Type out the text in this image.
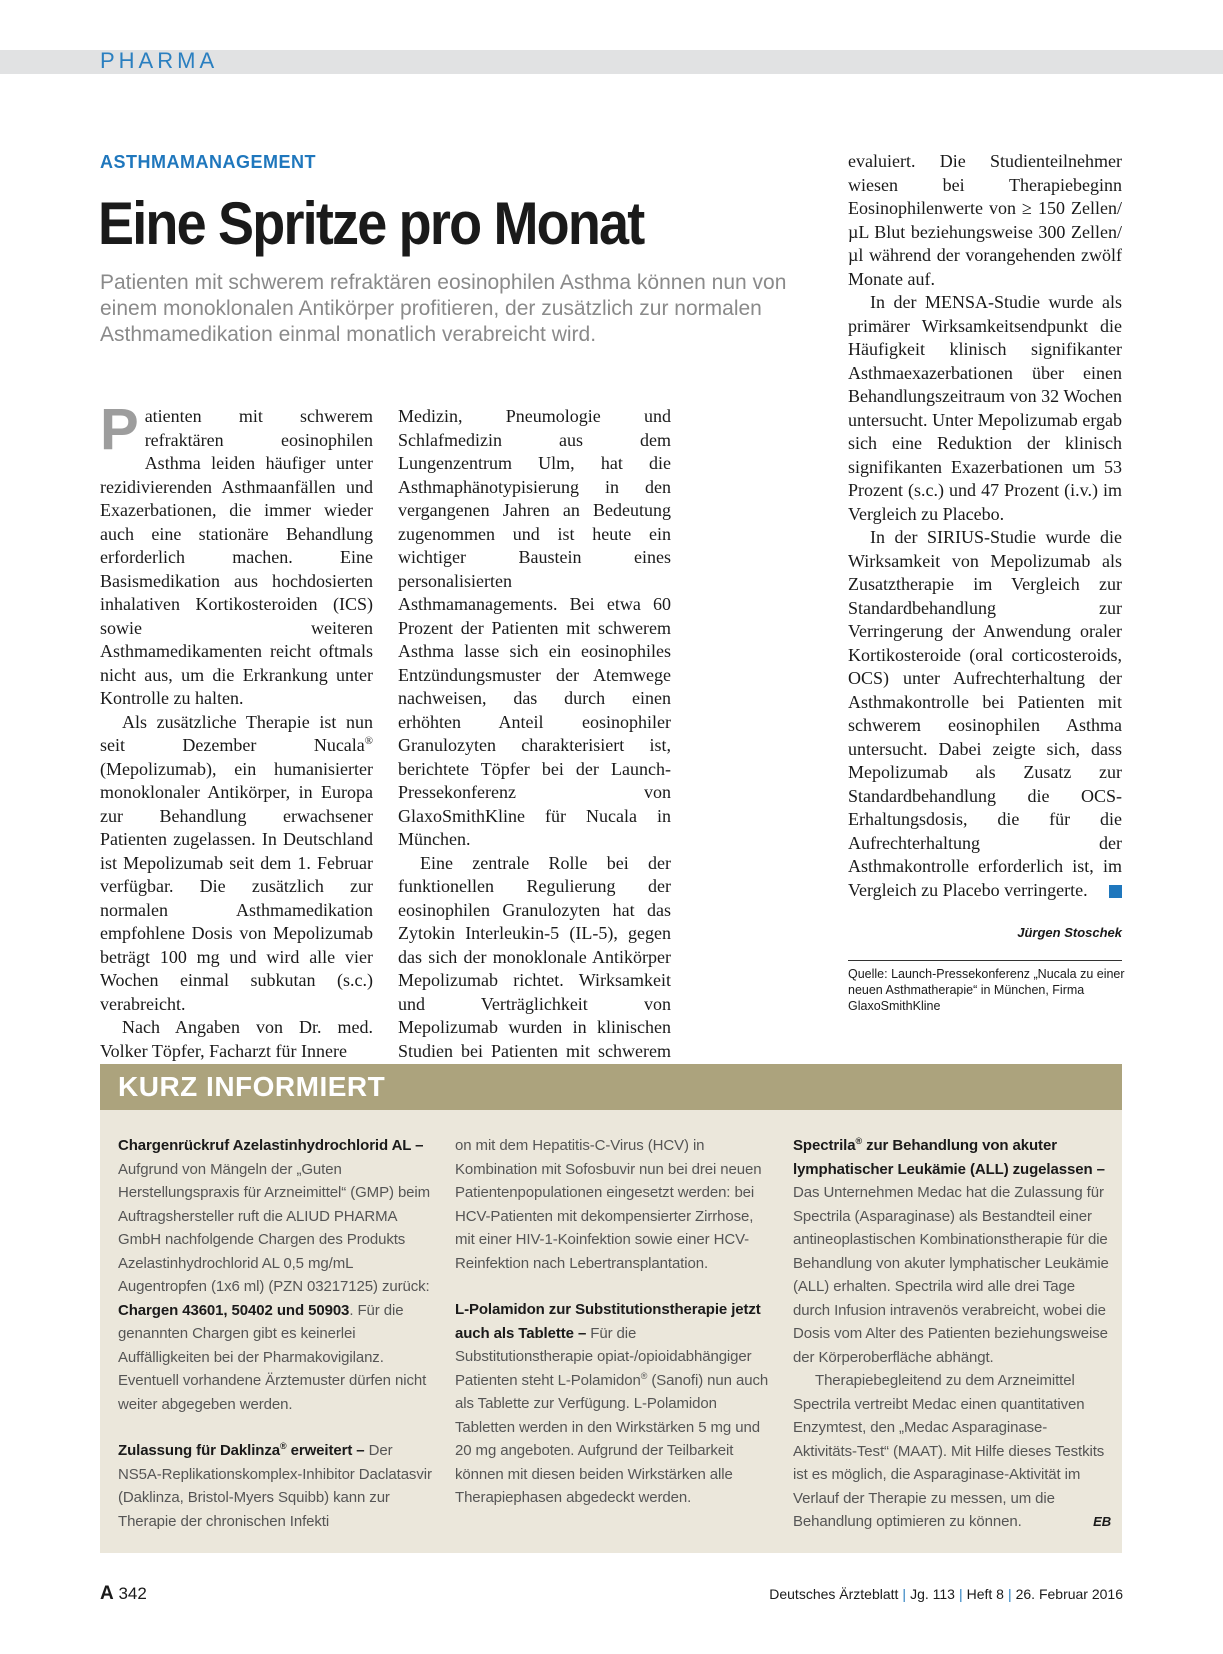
PHARMA
ASTHMAMANAGEMENT
Eine Spritze pro Monat

Patienten mit schwerem refraktären eosinophilen Asthma können nun von einem monoklonalen Antikörper profitieren, der zusätzlich zur normalen Asthmamedikation einmal monatlich verabreicht wird.

Patienten mit schwerem refraktären eosinophilen Asthma leiden häufiger unter rezidivierenden Asthmaanfällen und Exazerbationen, die immer wieder auch eine stationäre Behandlung erforderlich machen. Eine Basismedikation aus hochdosierten inhalativen Kortikosteroiden (ICS) sowie weiteren Asthmamedikamenten reicht oftmals nicht aus, um die Erkrankung unter Kontrolle zu halten.

Als zusätzliche Therapie ist nun seit Dezember Nucala® (Mepolizumab), ein humanisierter monoklonaler Antikörper, in Europa zur Behandlung erwachsener Patienten zugelassen. In Deutschland ist Mepolizumab seit dem 1. Februar verfügbar. Die zusätzlich zur normalen Asthmamedikation empfohlene Dosis von Mepolizumab beträgt 100 mg und wird alle vier Wochen einmal subkutan (s.c.) verabreicht.

Nach Angaben von Dr. med. Volker Töpfer, Facharzt für Innere

Medizin, Pneumologie und Schlafmedizin aus dem Lungenzentrum Ulm, hat die Asthmaphänotypisierung in den vergangenen Jahren an Bedeutung zugenommen und ist heute ein wichtiger Baustein eines personalisierten Asthmamanagements. Bei etwa 60 Prozent der Patienten mit schwerem Asthma lasse sich ein eosinophiles Entzündungsmuster der Atemwege nachweisen, das durch einen erhöhten Anteil eosinophiler Granulozyten charakterisiert ist, berichtete Töpfer bei der Launch-Pressekonferenz von GlaxoSmithKline für Nucala in München.

Eine zentrale Rolle bei der funktionellen Regulierung der eosinophilen Granulozyten hat das Zytokin Interleukin-5 (IL-5), gegen das sich der monoklonale Antikörper Mepolizumab richtet. Wirksamkeit und Verträglichkeit von Mepolizumab wurden in klinischen Studien bei Patienten mit schwerem

evaluiert. Die Studienteilnehmer wiesen bei Therapiebeginn Eosinophilenwerte von ≥ 150 Zellen/µL Blut beziehungsweise 300 Zellen/µl während der vorangehenden zwölf Monate auf.

In der MENSA-Studie wurde als primärer Wirksamkeitsendpunkt die Häufigkeit klinisch signifikanter Asthmaexazerbationen über einen Behandlungszeitraum von 32 Wochen untersucht. Unter Mepolizumab ergab sich eine Reduktion der klinisch signifikanten Exazerbationen um 53 Prozent (s.c.) und 47 Prozent (i.v.) im Vergleich zu Placebo.

In der SIRIUS-Studie wurde die Wirksamkeit von Mepolizumab als Zusatztherapie im Vergleich zur Standardbehandlung zur Verringerung der Anwendung oraler Kortikosteroide (oral corticosteroids, OCS) unter Aufrechterhaltung der Asthmakontrolle bei Patienten mit schwerem eosinophilen Asthma untersucht. Dabei zeigte sich, dass Mepolizumab als Zusatz zur Standardbehandlung die OCS-Erhaltungsdosis, die für die Aufrechterhaltung der Asthmakontrolle erforderlich ist, im Vergleich zu Placebo verringerte.

Jürgen Stoschek

Quelle: Launch-Pressekonferenz „Nucala zu einer neuen Asthmatherapie“ in München, Firma GlaxoSmithKline

KURZ INFORMIERT

Chargenrückruf Azelastinhydrochlorid AL – Aufgrund von Mängeln der „Guten Herstellungspraxis für Arzneimittel“ (GMP) beim Auftragshersteller ruft die ALIUD PHARMA GmbH nachfolgende Chargen des Produkts Azelastinhydrochlorid AL 0,5 mg/mL Augentropfen (1x6 ml) (PZN 03217125) zurück: Chargen 43601, 50402 und 50903. Für die genannten Chargen gibt es keinerlei Auffälligkeiten bei der Pharmakovigilanz. Eventuell vorhandene Ärztemuster dürfen nicht weiter abgegeben werden.

Zulassung für Daklinza® erweitert – Der NS5A-Replikationskomplex-Inhibitor Daclatasvir (Daklinza, Bristol-Myers Squibb) kann zur Therapie der chronischen Infekti

on mit dem Hepatitis-C-Virus (HCV) in Kombination mit Sofosbuvir nun bei drei neuen Patientenpopulationen eingesetzt werden: bei HCV-Patienten mit dekompensierter Zirrhose, mit einer HIV-1-Koinfektion sowie einer HCV-Reinfektion nach Lebertransplantation.

L-Polamidon zur Substitutionstherapie jetzt auch als Tablette – Für die Substitutionstherapie opiat-/opioidabhängiger Patienten steht L-Polamidon® (Sanofi) nun auch als Tablette zur Verfügung. L-Polamidon Tabletten werden in den Wirkstärken 5 mg und 20 mg angeboten. Aufgrund der Teilbarkeit können mit diesen beiden Wirkstärken alle Therapiephasen abgedeckt werden.

Spectrila® zur Behandlung von akuter lymphatischer Leukämie (ALL) zugelassen – Das Unternehmen Medac hat die Zulassung für Spectrila (Asparaginase) als Bestandteil einer antineoplastischen Kombinationstherapie für die Behandlung von akuter lymphatischer Leukämie (ALL) erhalten. Spectrila wird alle drei Tage durch Infusion intravenös verabreicht, wobei die Dosis vom Alter des Patienten beziehungsweise der Körperoberfläche abhängt.

Therapiebegleitend zu dem Arzneimittel Spectrila vertreibt Medac einen quantitativen Enzymtest, den „Medac Asparaginase-Aktivitäts-Test“ (MAAT). Mit Hilfe dieses Testkits ist es möglich, die Asparaginase-Aktivität im Verlauf der Therapie zu messen, um die Behandlung optimieren zu können.	EB

A 342	Deutsches Ärzteblatt | Jg. 113 | Heft 8 | 26. Februar 2016
